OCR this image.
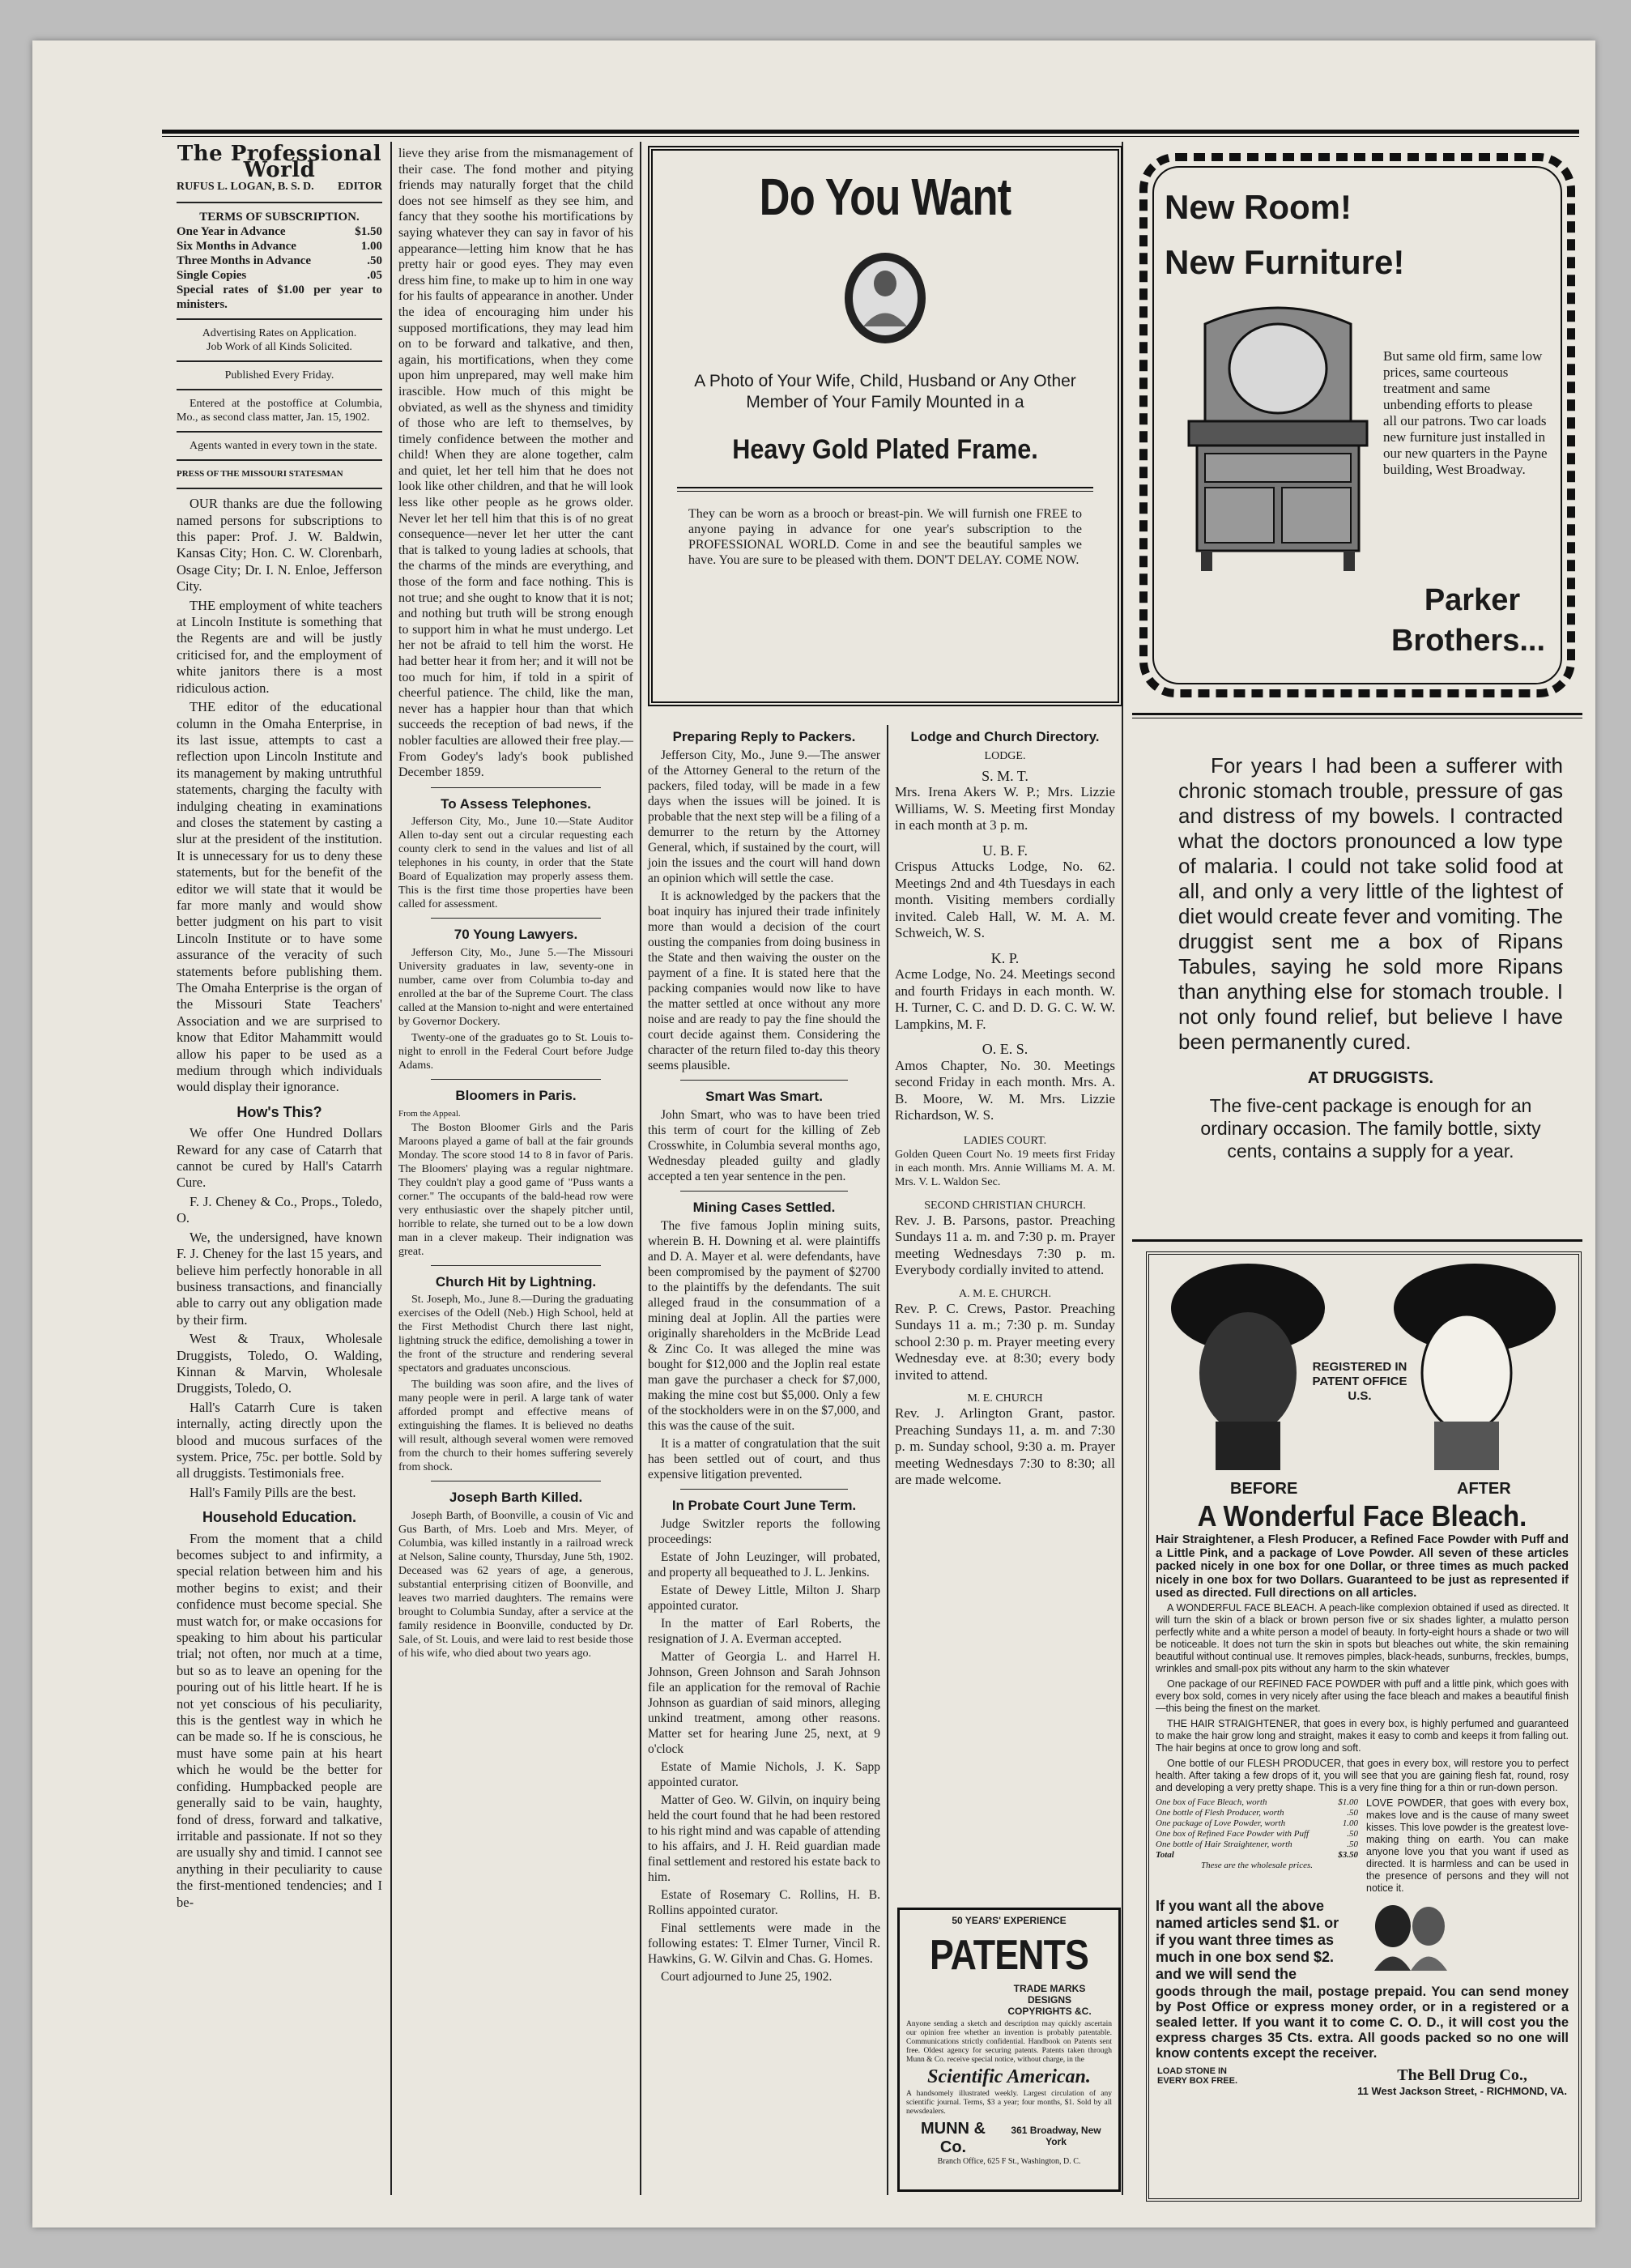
The Professional World
RUFUS L. LOGAN, B. S. D. EDITOR
TERMS OF SUBSCRIPTION.
One Year in Advance	$1.50
Six Months in Advance	1.00
Three Months in Advance	.50
Single Copies	.05
Special rates of $1.00 per year to ministers.
Advertising Rates on Application.
Job Work of all Kinds Solicited.
Published Every Friday.

Entered at the postoffice at Columbia, Mo., as second class matter, Jan. 15, 1902.

Agents wanted in every town in the state.

PRESS OF THE MISSOURI STATESMAN

OUR thanks are due the following named persons for subscriptions to this paper: Prof. J. W. Baldwin, Kansas City; Hon. C. W. Clorenbarh, Osage City; Dr. I. N. Enloe, Jefferson City.

THE employment of white teachers at Lincoln Institute is something that the Regents are and will be justly criticised for, and the employment of white janitors there is a most ridiculous action.

THE editor of the educational column in the Omaha Enterprise, in its last issue, attempts to cast a reflection upon Lincoln Institute and its management by making untruthful statements, charging the faculty with indulging cheating in examinations and closes the statement by casting a slur at the president of the institution. It is unnecessary for us to deny these statements, but for the benefit of the editor we will state that it would be far more manly and would show better judgment on his part to visit Lincoln Institute or to have some assurance of the veracity of such statements before publishing them. The Omaha Enterprise is the organ of the Missouri State Teachers' Association and we are surprised to know that Editor Mahammitt would allow his paper to be used as a medium through which individuals would display their ignorance.

How's This?

We offer One Hundred Dollars Reward for any case of Catarrh that cannot be cured by Hall's Catarrh Cure.

F. J. Cheney & Co., Props., Toledo, O.

We, the undersigned, have known F. J. Cheney for the last 15 years, and believe him perfectly honorable in all business transactions, and financially able to carry out any obligation made by their firm.

West & Traux, Wholesale Druggists, Toledo, O. Walding, Kinnan & Marvin, Wholesale Druggists, Toledo, O.

Hall's Catarrh Cure is taken internally, acting directly upon the blood and mucous surfaces of the system. Price, 75c. per bottle. Sold by all druggists. Testimonials free.

Hall's Family Pills are the best.

Household Education.

From the moment that a child becomes subject to and infirmity, a special relation between him and his mother begins to exist; and their confidence must become special. She must watch for, or make occasions for speaking to him about his particular trial; not often, nor much at a time, but so as to leave an opening for the pouring out of his little heart. If he is not yet conscious of his peculiarity, this is the gentlest way in which he can be made so. If he is conscious, he must have some pain at his heart which he would be the better for confiding. Humpbacked people are generally said to be vain, haughty, fond of dress, forward and talkative, irritable and passionate. If not so they are usually shy and timid. I cannot see anything in their peculiarity to cause the first-mentioned tendencies; and I be-

lieve they arise from the mismanagement of their case. The fond mother and pitying friends may naturally forget that the child does not see himself as they see him, and fancy that they soothe his mortifications by saying whatever they can say in favor of his appearance—letting him know that he has pretty hair or good eyes. They may even dress him fine, to make up to him in one way for his faults of appearance in another. Under the idea of encouraging him under his supposed mortifications, they may lead him on to be forward and talkative, and then, again, his mortifications, when they come upon him unprepared, may well make him irascible. How much of this might be obviated, as well as the shyness and timidity of those who are left to themselves, by timely confidence between the mother and child! When they are alone together, calm and quiet, let her tell him that he does not look like other children, and that he will look less like other people as he grows older. Never let her tell him that this is of no great consequence—never let her utter the cant that is talked to young ladies at schools, that the charms of the minds are everything, and those of the form and face nothing. This is not true; and she ought to know that it is not; and nothing but truth will be strong enough to support him in what he must undergo. Let her not be afraid to tell him the worst. He had better hear it from her; and it will not be too much for him, if told in a spirit of cheerful patience. The child, like the man, never has a happier hour than that which succeeds the reception of bad news, if the nobler faculties are allowed their free play.—From Godey's lady's book published December 1859.

To Assess Telephones.

Jefferson City, Mo., June 10.—State Auditor Allen to-day sent out a circular requesting each county clerk to send in the values and list of all telephones in his county, in order that the State Board of Equalization may properly assess them. This is the first time those properties have been called for assessment.

70 Young Lawyers.

Jefferson City, Mo., June 5.—The Missouri University graduates in law, seventy-one in number, came over from Columbia to-day and enrolled at the bar of the Supreme Court. The class called at the Mansion to-night and were entertained by Governor Dockery.

Twenty-one of the graduates go to St. Louis to-night to enroll in the Federal Court before Judge Adams.

Bloomers in Paris.
From the Appeal.

The Boston Bloomer Girls and the Paris Maroons played a game of ball at the fair grounds Monday. The score stood 14 to 8 in favor of Paris. The Bloomers' playing was a regular nightmare. They couldn't play a good game of "Puss wants a corner." The occupants of the bald-head row were very enthusiastic over the shapely pitcher until, horrible to relate, she turned out to be a low down man in a clever makeup. Their indignation was great.

Church Hit by Lightning.

St. Joseph, Mo., June 8.—During the graduating exercises of the Odell (Neb.) High School, held at the First Methodist Church there last night, lightning struck the edifice, demolishing a tower in the front of the structure and rendering several spectators and graduates unconscious.

The building was soon afire, and the lives of many people were in peril. A large tank of water afforded prompt and effective means of extinguishing the flames. It is believed no deaths will result, although several women were removed from the church to their homes suffering severely from shock.

Joseph Barth Killed.

Joseph Barth, of Boonville, a cousin of Vic and Gus Barth, of Mrs. Loeb and Mrs. Meyer, of Columbia, was killed instantly in a railroad wreck at Nelson, Saline county, Thursday, June 5th, 1902. Deceased was 62 years of age, a generous, substantial enterprising citizen of Boonville, and leaves two married daughters. The remains were brought to Columbia Sunday, after a service at the family residence in Boonville, conducted by Dr. Sale, of St. Louis, and were laid to rest beside those of his wife, who died about two years ago.

Do You Want
A Photo of Your Wife, Child, Husband or Any Other Member of Your Family Mounted in a
Heavy Gold Plated Frame.
They can be worn as a brooch or breast-pin. We will furnish one FREE to anyone paying in advance for one year's subscription to the PROFESSIONAL WORLD. Come in and see the beautiful samples we have. You are sure to be pleased with them. DON'T DELAY. COME NOW.
Preparing Reply to Packers.

Jefferson City, Mo., June 9.—The answer of the Attorney General to the return of the packers, filed today, will be made in a few days when the issues will be joined. It is probable that the next step will be a filing of a demurrer to the return by the Attorney General, which, if sustained by the court, will join the issues and the court will hand down an opinion which will settle the case.

It is acknowledged by the packers that the boat inquiry has injured their trade infinitely more than would a decision of the court ousting the companies from doing business in the State and then waiving the ouster on the payment of a fine. It is stated here that the packing companies would now like to have the matter settled at once without any more noise and are ready to pay the fine should the court decide against them. Considering the character of the return filed to-day this theory seems plausible.

Smart Was Smart.

John Smart, who was to have been tried this term of court for the killing of Zeb Crosswhite, in Columbia several months ago, Wednesday pleaded guilty and gladly accepted a ten year sentence in the pen.

Mining Cases Settled.

The five famous Joplin mining suits, wherein B. H. Downing et al. were plaintiffs and D. A. Mayer et al. were defendants, have been compromised by the payment of $2700 to the plaintiffs by the defendants. The suit alleged fraud in the consummation of a mining deal at Joplin. All the parties were originally shareholders in the McBride Lead & Zinc Co. It was alleged the mine was bought for $12,000 and the Joplin real estate man gave the purchaser a check for $7,000, making the mine cost but $5,000. Only a few of the stockholders were in on the $7,000, and this was the cause of the suit.

It is a matter of congratulation that the suit has been settled out of court, and thus expensive litigation prevented.

In Probate Court June Term.

Judge Switzler reports the following proceedings:

Estate of John Leuzinger, will probated, and property all bequeathed to J. L. Jenkins.

Estate of Dewey Little, Milton J. Sharp appointed curator.

In the matter of Earl Roberts, the resignation of J. A. Everman accepted.

Matter of Georgia L. and Harrel H. Johnson, Green Johnson and Sarah Johnson file an application for the removal of Rachie Johnson as guardian of said minors, alleging unkind treatment, among other reasons. Matter set for hearing June 25, next, at 9 o'clock

Estate of Mamie Nichols, J. K. Sapp appointed curator.

Matter of Geo. W. Gilvin, on inquiry being held the court found that he had been restored to his right mind and was capable of attending to his affairs, and J. H. Reid guardian made final settlement and restored his estate back to him.

Estate of Rosemary C. Rollins, H. B. Rollins appointed curator.

Final settlements were made in the following estates: T. Elmer Turner, Vincil R. Hawkins, G. W. Gilvin and Chas. G. Homes.

Court adjourned to June 25, 1902.

Lodge and Church Directory.
LODGE.
S. M. T.

Mrs. Irena Akers W. P.; Mrs. Lizzie Williams, W. S. Meeting first Monday in each month at 3 p. m.

U. B. F.

Crispus Attucks Lodge, No. 62. Meetings 2nd and 4th Tuesdays in each month. Visiting members cordially invited. Caleb Hall, W. M. A. M. Schweich, W. S.

K. P.

Acme Lodge, No. 24. Meetings second and fourth Fridays in each month. W. H. Turner, C. C. and D. D. G. C. W. W. Lampkins, M. F.

O. E. S.

Amos Chapter, No. 30. Meetings second Friday in each month. Mrs. A. B. Moore, W. M. Mrs. Lizzie Richardson, W. S.

LADIES COURT.

Golden Queen Court No. 19 meets first Friday in each month. Mrs. Annie Williams M. A. M. Mrs. V. L. Waldon Sec.

SECOND CHRISTIAN CHURCH.

Rev. J. B. Parsons, pastor. Preaching Sundays 11 a. m. and 7:30 p. m. Prayer meeting Wednesdays 7:30 p. m. Everybody cordially invited to attend.

A. M. E. CHURCH.

Rev. P. C. Crews, Pastor. Preaching Sundays 11 a. m.; 7:30 p. m. Sunday school 2:30 p. m. Prayer meeting every Wednesday eve. at 8:30; every body invited to attend.

M. E. CHURCH

Rev. J. Arlington Grant, pastor. Preaching Sundays 11, a. m. and 7:30 p. m. Sunday school, 9:30 a. m. Prayer meeting Wednesdays 7:30 to 8:30; all are made welcome.

50 YEARS' EXPERIENCE
PATENTS
TRADE MARKS DESIGNS COPYRIGHTS &C.
Anyone sending a sketch and description may quickly ascertain our opinion free whether an invention is probably patentable. Communications strictly confidential. Handbook on Patents sent free. Oldest agency for securing patents. Patents taken through Munn & Co. receive special notice, without charge, in the
Scientific American.
A handsomely illustrated weekly. Largest circulation of any scientific journal. Terms, $3 a year; four months, $1. Sold by all newsdealers.
MUNN & Co.
361 Broadway, New York
Branch Office, 625 F St., Washington, D. C.
New Room!
New Furniture!
But same old firm, same low prices, same courteous treatment and same unbending efforts to please all our patrons. Two car loads new furniture just installed in our new quarters in the Payne building, West Broadway.
Parker
Brothers...
For years I had been a sufferer with chronic stomach trouble, pressure of gas and distress of my bowels. I contracted what the doctors pronounced a low type of malaria. I could not take solid food at all, and only a very little of the lightest of diet would create fever and vomiting. The druggist sent me a box of Ripans Tabules, saying he sold more Ripans than anything else for stomach trouble. I not only found relief, but believe I have been permanently cured.
AT DRUGGISTS.
The five-cent package is enough for an ordinary occasion. The family bottle, sixty cents, contains a supply for a year.
REGISTERED IN PATENT OFFICE U.S.
BEFORE	AFTER
A Wonderful Face Bleach.
Hair Straightener, a Flesh Producer, a Refined Face Powder with Puff and a Little Pink, and a package of Love Powder. All seven of these articles packed nicely in one box for one Dollar, or three times as much packed nicely in one box for two Dollars. Guaranteed to be just as represented if used as directed. Full directions on all articles.
A WONDERFUL FACE BLEACH. A peach-like complexion obtained if used as directed. It will turn the skin of a black or brown person five or six shades lighter, a mulatto person perfectly white and a white person a model of beauty. In forty-eight hours a shade or two will be noticeable. It does not turn the skin in spots but bleaches out white, the skin remaining beautiful without continual use. It removes pimples, black-heads, sunburns, freckles, bumps, wrinkles and small-pox pits without any harm to the skin whatever
One package of our REFINED FACE POWDER with puff and a little pink, which goes with every box sold, comes in very nicely after using the face bleach and makes a beautiful finish—this being the finest on the market.
THE HAIR STRAIGHTENER, that goes in every box, is highly perfumed and guaranteed to make the hair grow long and straight, makes it easy to comb and keeps it from falling out. The hair begins at once to grow long and soft.
One bottle of our FLESH PRODUCER, that goes in every box, will restore you to perfect health. After taking a few drops of it, you will see that you are gaining flesh fat, round, rosy and developing a very pretty shape. This is a very fine thing for a thin or run-down person.
One box of Face Bleach, worth	$1.00
One bottle of Flesh Producer, worth	.50
One package of Love Powder, worth	1.00
One box of Refined Face Powder with Puff	.50
One bottle of Hair Straightener, worth	.50
Total	$3.50
These are the wholesale prices.
LOVE POWDER, that goes with every box, makes love and is the cause of many sweet kisses. This love powder is the greatest love-making thing on earth. You can make anyone love you that you want if used as directed. It is harmless and can be used in the presence of persons and they will not notice it.
If you want all the above named articles send $1. or if you want three times as much in one box send $2. and we will send the
goods through the mail, postage prepaid. You can send money by Post Office or express money order, or in a registered or a sealed letter. If you want it to come C. O. D., it will cost you the express charges 35 Cts. extra. All goods packed so no one will know contents except the receiver.
LOAD STONE IN EVERY BOX FREE.	The Bell Drug Co.,
11 West Jackson Street, - RICHMOND, VA.
